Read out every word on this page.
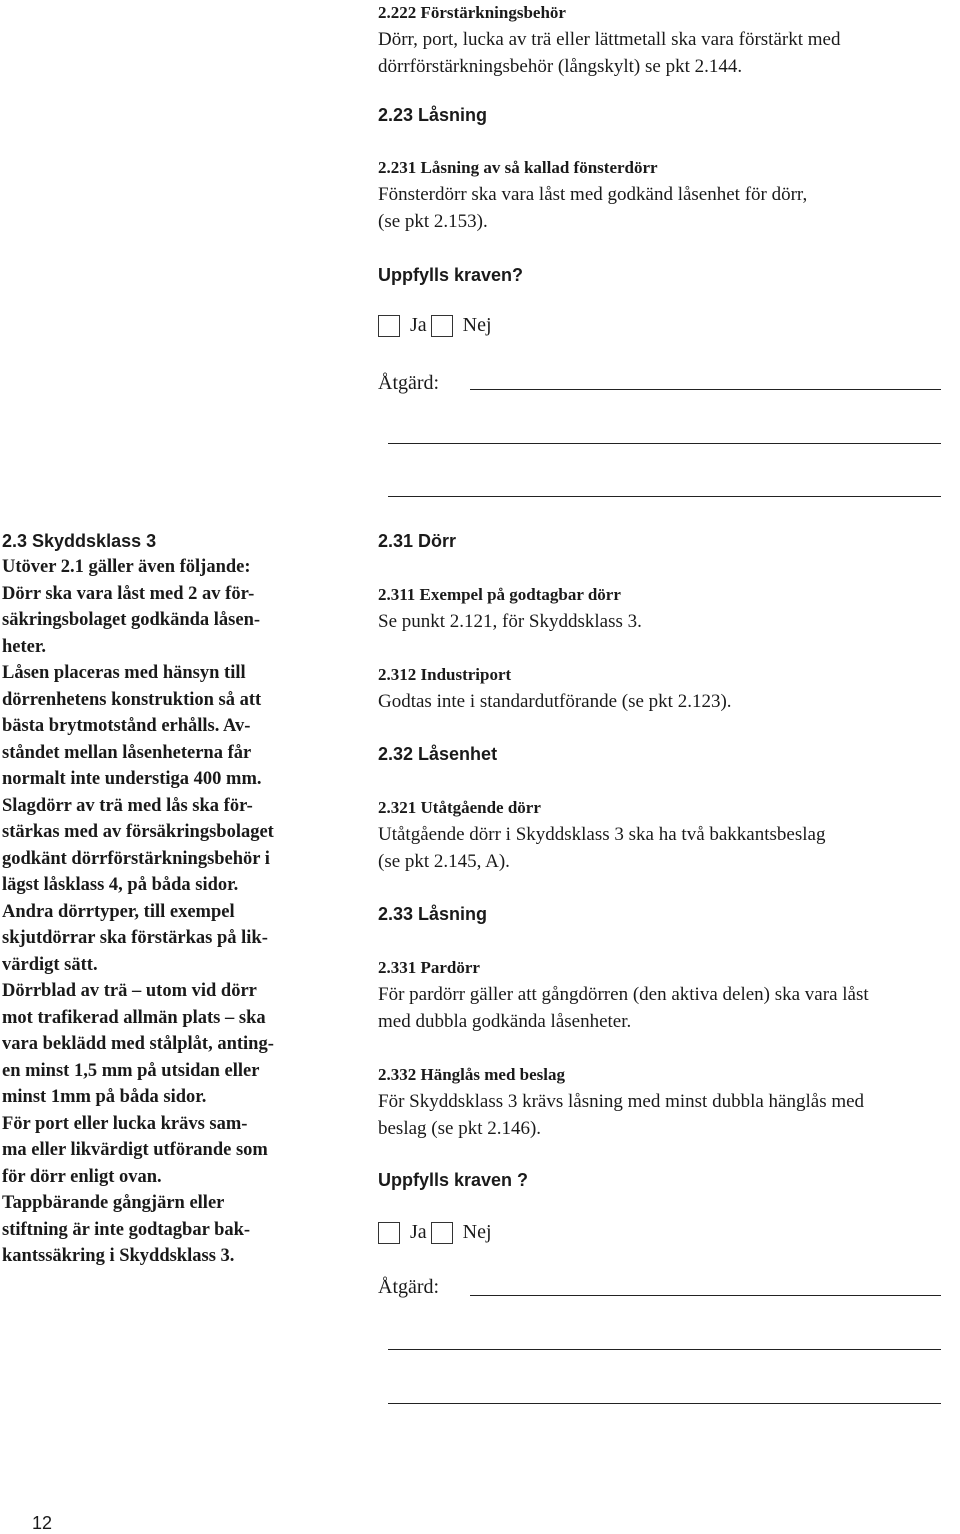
2.222 Förstärkningsbehör
Dörr, port, lucka av trä eller lättmetall ska vara förstärkt med
dörrförstärkningsbehör (långskylt) se pkt 2.144.
2.23 Låsning
2.231 Låsning av så kallad fönsterdörr
Fönsterdörr ska vara låst med godkänd låsenhet för dörr,
(se pkt 2.153).
Uppfylls kraven?
Ja Nej
Åtgärd:
2.3 Skyddsklass 3

Utöver 2.1 gäller även följande:
Dörr ska vara låst med 2 av för-
säkringsbolaget godkända låsen-
heter.

Låsen placeras med hänsyn till
dörrenhetens konstruktion så att
bästa brytmotstånd erhålls. Av-
ståndet mellan låsenheterna får
normalt inte understiga 400 mm.

Slagdörr av trä med lås ska för-
stärkas med av försäkringsbolaget
godkänt dörrförstärkningsbehör i
lägst låsklass 4, på båda sidor.

Andra dörrtyper, till exempel
skjutdörrar ska förstärkas på lik-
värdigt sätt.

Dörrblad av trä – utom vid dörr
mot trafikerad allmän plats – ska
vara beklädd med stålplåt, anting-
en minst 1,5 mm på utsidan eller
minst 1mm på båda sidor.

För port eller lucka krävs sam-
ma eller likvärdigt utförande som
för dörr enligt ovan.

Tappbärande gångjärn eller
stiftning är inte godtagbar bak-
kantssäkring i Skyddsklass 3.

2.31 Dörr
2.311 Exempel på godtagbar dörr
Se punkt 2.121, för Skyddsklass 3.
2.312 Industriport
Godtas inte i standardutförande (se pkt 2.123).
2.32 Låsenhet
2.321 Utåtgående dörr
Utåtgående dörr i Skyddsklass 3 ska ha två bakkantsbeslag
(se pkt 2.145, A).
2.33 Låsning
2.331 Pardörr
För pardörr gäller att gångdörren (den aktiva delen) ska vara låst
med dubbla godkända låsenheter.
2.332 Hänglås med beslag
För Skyddsklass 3 krävs låsning med minst dubbla hänglås med
beslag (se pkt 2.146).
Uppfylls kraven ?
Ja Nej
Åtgärd:
12
